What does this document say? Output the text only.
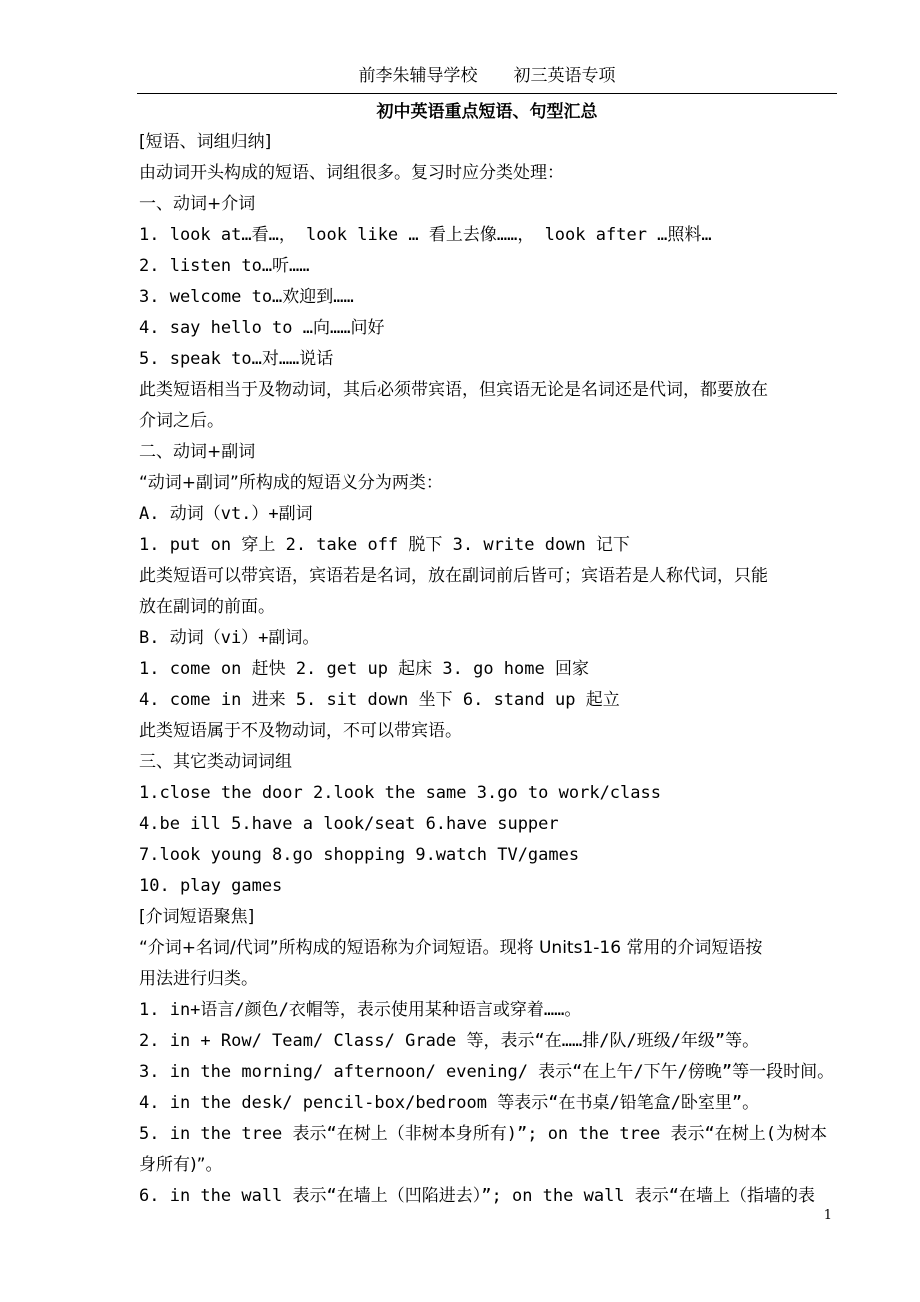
前李朱辅导学校 初三英语专项
初中英语重点短语、句型汇总
[短语、词组归纳]
由动词开头构成的短语、词组很多。复习时应分类处理：
一、动词+介词
1. look at…看…， look like … 看上去像……， look after …照料…
2. listen to…听……
3. welcome to…欢迎到……
4. say hello to …向……问好
5. speak to…对……说话
此类短语相当于及物动词，其后必须带宾语，但宾语无论是名词还是代词，都要放在
介词之后。
二、动词+副词
“动词+副词”所构成的短语义分为两类：
A. 动词（vt.）+副词
1. put on 穿上 2. take off 脱下 3. write down 记下
此类短语可以带宾语，宾语若是名词，放在副词前后皆可；宾语若是人称代词，只能
放在副词的前面。
B. 动词（vi）+副词。
1. come on 赶快 2. get up 起床 3. go home 回家
4. come in 进来 5. sit down 坐下 6. stand up 起立
此类短语属于不及物动词，不可以带宾语。
三、其它类动词词组
1.close the door 2.look the same 3.go to work/class
4.be ill 5.have a look/seat 6.have supper
7.look young 8.go shopping 9.watch TV/games
10. play games
[介词短语聚焦]
“介词+名词/代词”所构成的短语称为介词短语。现将 Units1-16 常用的介词短语按
用法进行归类。
1. in+语言/颜色/衣帽等，表示使用某种语言或穿着……。
2. in + Row/ Team/ Class/ Grade 等，表示“在……排/队/班级/年级”等。
3. in the morning/ afternoon/ evening/ 表示“在上午/下午/傍晚”等一段时间。
4. in the desk/ pencil-box/bedroom 等表示“在书桌/铅笔盒/卧室里”。
5. in the tree 表示“在树上（非树本身所有)”; on the tree 表示“在树上(为树本
身所有)”。
6. in the wall 表示“在墙上（凹陷进去）”; on the wall 表示“在墙上（指墙的表
1
